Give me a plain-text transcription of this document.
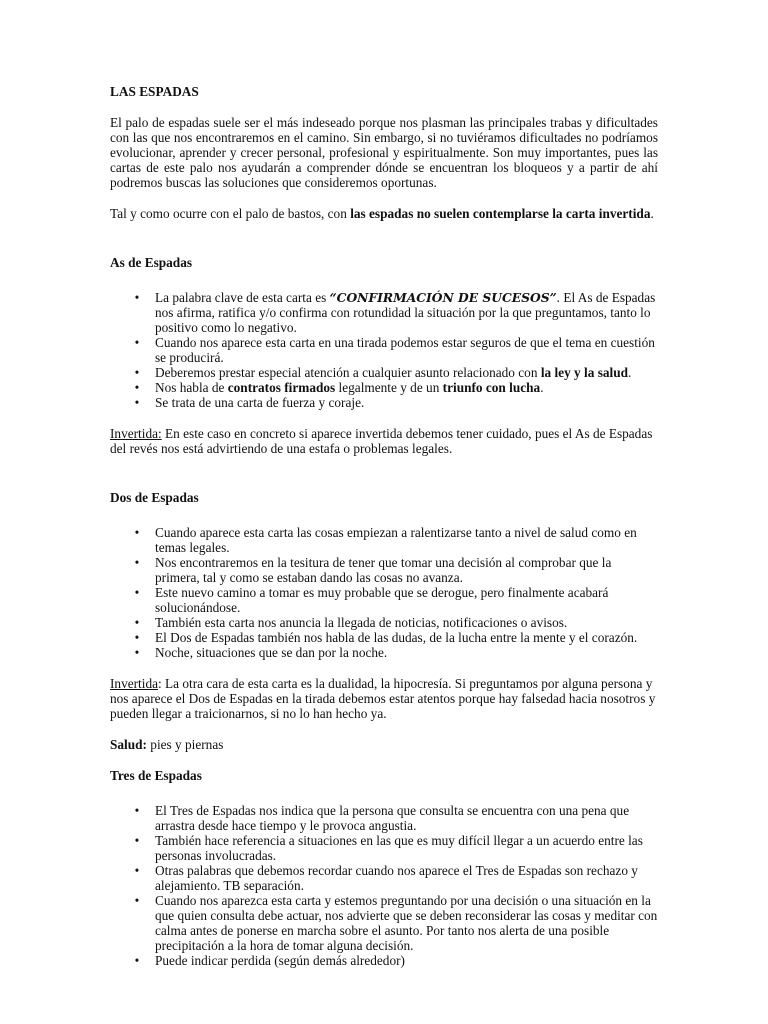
LAS ESPADAS

El palo de espadas suele ser el más indeseado porque nos plasman las principales trabas y dificultades con las que nos encontraremos en el camino. Sin embargo, si no tuviéramos dificultades no podríamos evolucionar, aprender y crecer personal, profesional y espiritualmente. Son muy importantes, pues las cartas de este palo nos ayudarán a comprender dónde se encuentran los bloqueos y a partir de ahí podremos buscas las soluciones que consideremos oportunas.

Tal y como ocurre con el palo de bastos, con las espadas no suelen contemplarse la carta invertida.

As de Espadas
• La palabra clave de esta carta es “CONFIRMACIÓN DE SUCESOS”. El As de Espadas nos afirma, ratifica y/o confirma con rotundidad la situación por la que preguntamos, tanto lo positivo como lo negativo.
• Cuando nos aparece esta carta en una tirada podemos estar seguros de que el tema en cuestión se producirá.
• Deberemos prestar especial atención a cualquier asunto relacionado con la ley y la salud.
• Nos habla de contratos firmados legalmente y de un triunfo con lucha.
• Se trata de una carta de fuerza y coraje.

Invertida: En este caso en concreto si aparece invertida debemos tener cuidado, pues el As de Espadas del revés nos está advirtiendo de una estafa o problemas legales.

Dos de Espadas
• Cuando aparece esta carta las cosas empiezan a ralentizarse tanto a nivel de salud como en temas legales.
• Nos encontraremos en la tesitura de tener que tomar una decisión al comprobar que la primera, tal y como se estaban dando las cosas no avanza.
• Este nuevo camino a tomar es muy probable que se derogue, pero finalmente acabará solucionándose.
• También esta carta nos anuncia la llegada de noticias, notificaciones o avisos.
• El Dos de Espadas también nos habla de las dudas, de la lucha entre la mente y el corazón.
• Noche, situaciones que se dan por la noche.

Invertida: La otra cara de esta carta es la dualidad, la hipocresía. Si preguntamos por alguna persona y nos aparece el Dos de Espadas en la tirada debemos estar atentos porque hay falsedad hacia nosotros y pueden llegar a traicionarnos, si no lo han hecho ya.

Salud: pies y piernas

Tres de Espadas
• El Tres de Espadas nos indica que la persona que consulta se encuentra con una pena que arrastra desde hace tiempo y le provoca angustia.
• También hace referencia a situaciones en las que es muy difícil llegar a un acuerdo entre las personas involucradas.
• Otras palabras que debemos recordar cuando nos aparece el Tres de Espadas son rechazo y alejamiento. TB separación.
• Cuando nos aparezca esta carta y estemos preguntando por una decisión o una situación en la que quien consulta debe actuar, nos advierte que se deben reconsiderar las cosas y meditar con calma antes de ponerse en marcha sobre el asunto. Por tanto nos alerta de una posible precipitación a la hora de tomar alguna decisión.
• Puede indicar perdida (según demás alrededor)
